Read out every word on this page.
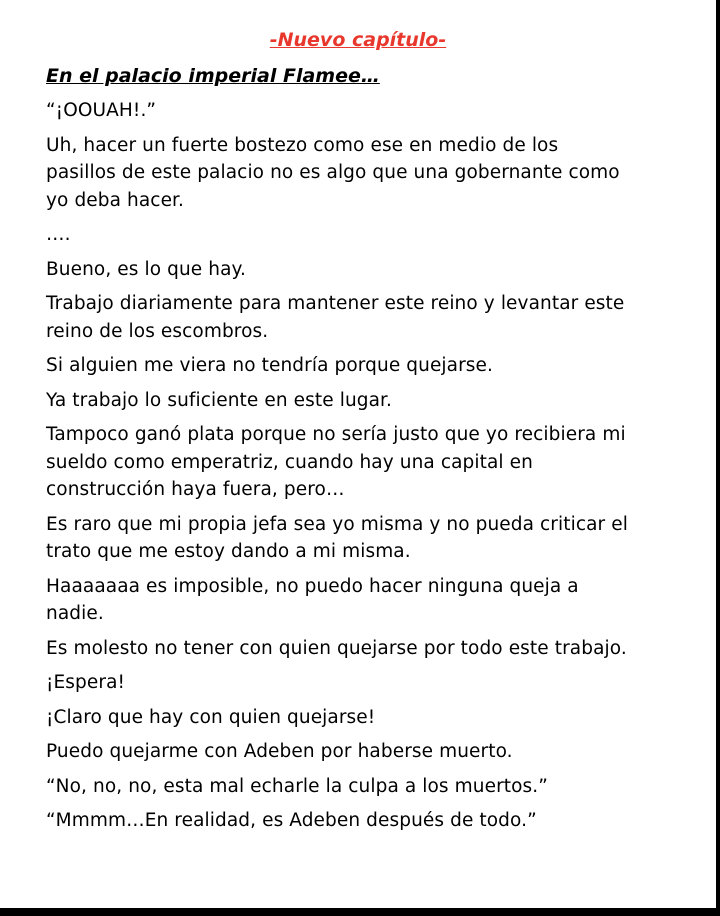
-Nuevo capítulo-
En el palacio imperial Flamee…

“¡OOUAH!.”

Uh, hacer un fuerte bostezo como ese en medio de los
pasillos de este palacio no es algo que una gobernante como
yo deba hacer.

….

Bueno, es lo que hay.

Trabajo diariamente para mantener este reino y levantar este
reino de los escombros.

Si alguien me viera no tendría porque quejarse.

Ya trabajo lo suficiente en este lugar.

Tampoco ganó plata porque no sería justo que yo recibiera mi
sueldo como emperatriz, cuando hay una capital en
construcción haya fuera, pero…

Es raro que mi propia jefa sea yo misma y no pueda criticar el
trato que me estoy dando a mi misma.

Haaaaaaa es imposible, no puedo hacer ninguna queja a
nadie.

Es molesto no tener con quien quejarse por todo este trabajo.

¡Espera!

¡Claro que hay con quien quejarse!

Puedo quejarme con Adeben por haberse muerto.

“No, no, no, esta mal echarle la culpa a los muertos.”

“Mmmm…En realidad, es Adeben después de todo.”
